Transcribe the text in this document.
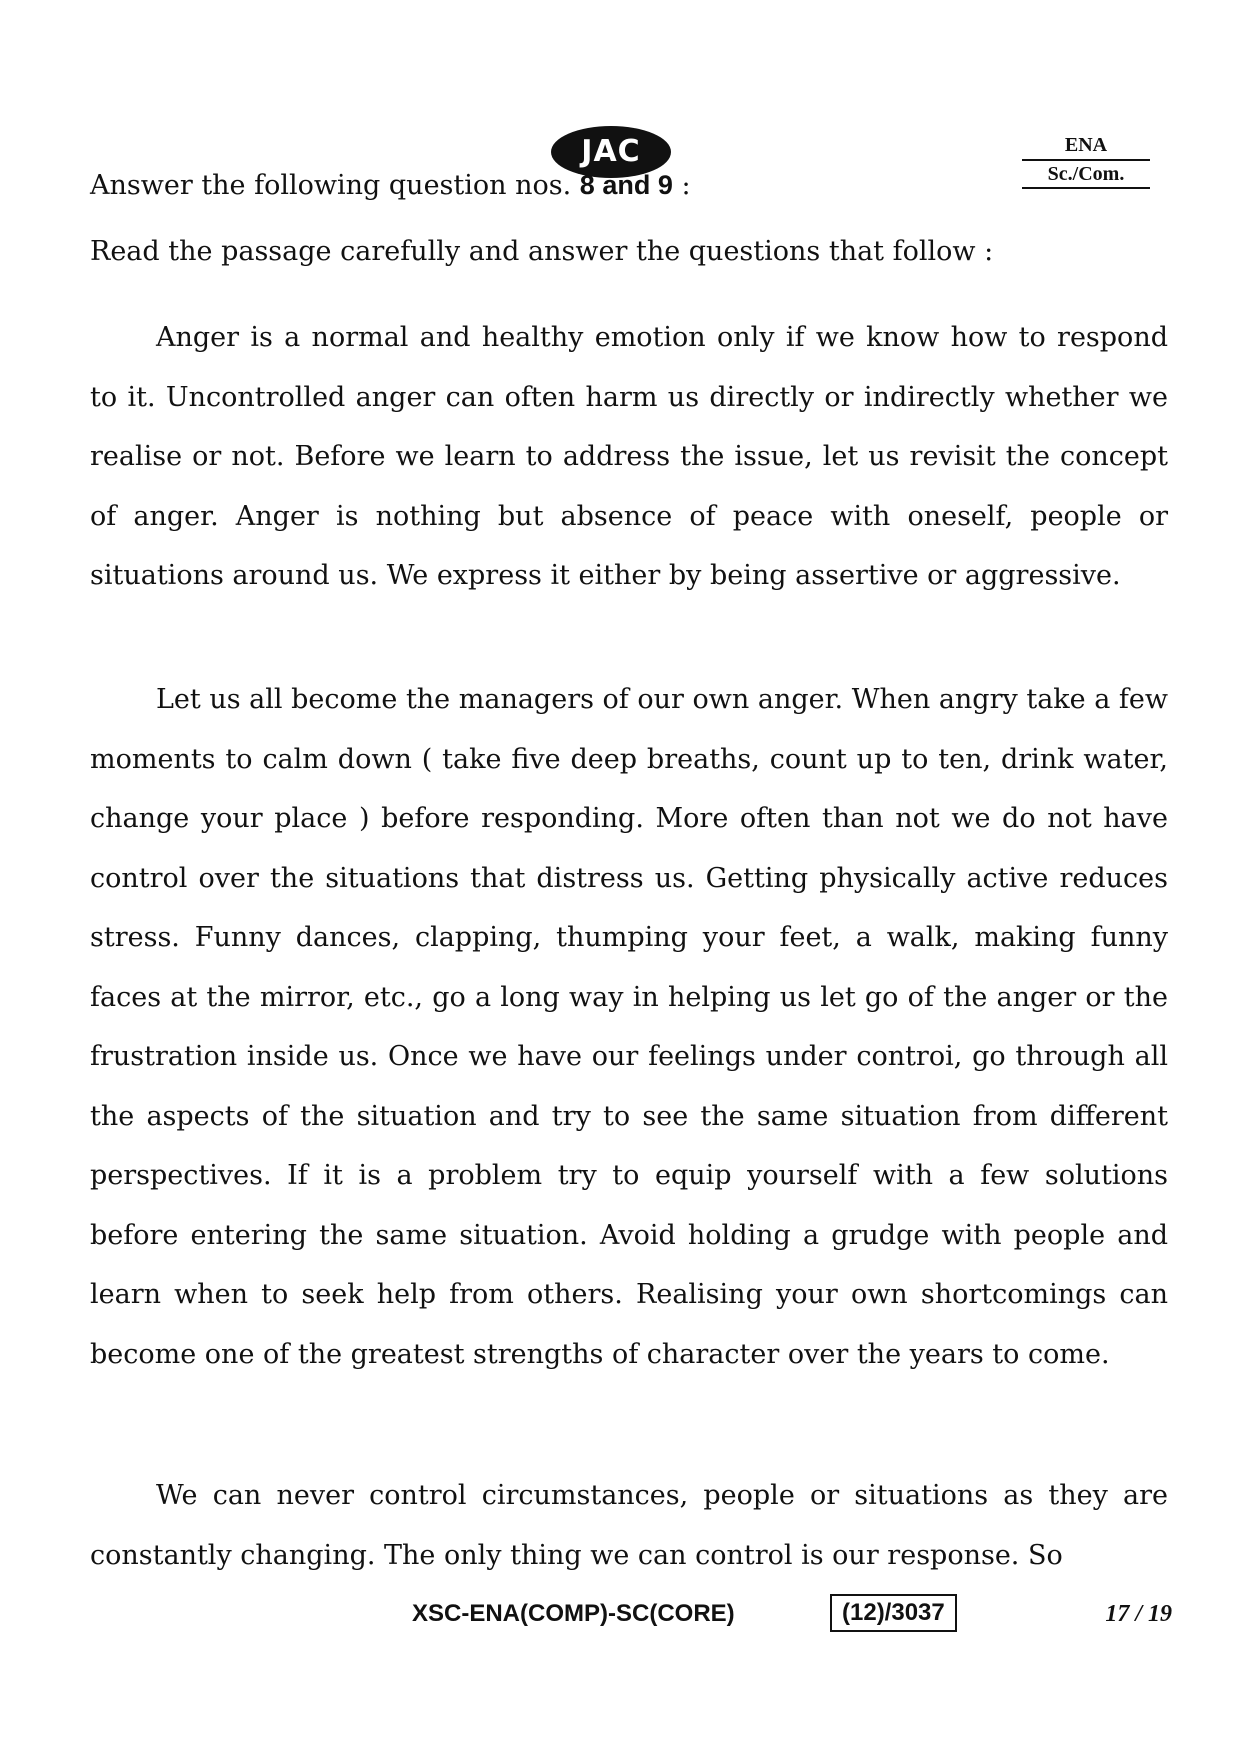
JAC	ENA
Sc./Com.
Answer the following question nos. 8 and 9 :
Read the passage carefully and answer the questions that follow :

Anger is a normal and healthy emotion only if we know how to respond to it. Uncontrolled anger can often harm us directly or indirectly whether we realise or not. Before we learn to address the issue, let us revisit the concept of anger. Anger is nothing but absence of peace with oneself, people or situations around us. We express it either by being assertive or aggressive.

Let us all become the managers of our own anger. When angry take a few moments to calm down ( take five deep breaths, count up to ten, drink water, change your place ) before responding. More often than not we do not have control over the situations that distress us. Getting physically active reduces stress. Funny dances, clapping, thumping your feet, a walk, making funny faces at the mirror, etc., go a long way in helping us let go of the anger or the frustration inside us. Once we have our feelings under controi, go through all the aspects of the situation and try to see the same situation from different perspectives. If it is a problem try to equip yourself with a few solutions before entering the same situation. Avoid holding a grudge with people and learn when to seek help from others. Realising your own shortcomings can become one of the greatest strengths of character over the years to come.

We can never control circumstances, people or situations as they are constantly changing. The only thing we can control is our response. So

XSC-ENA(COMP)-SC(CORE)	(12)/3037	17 / 19
